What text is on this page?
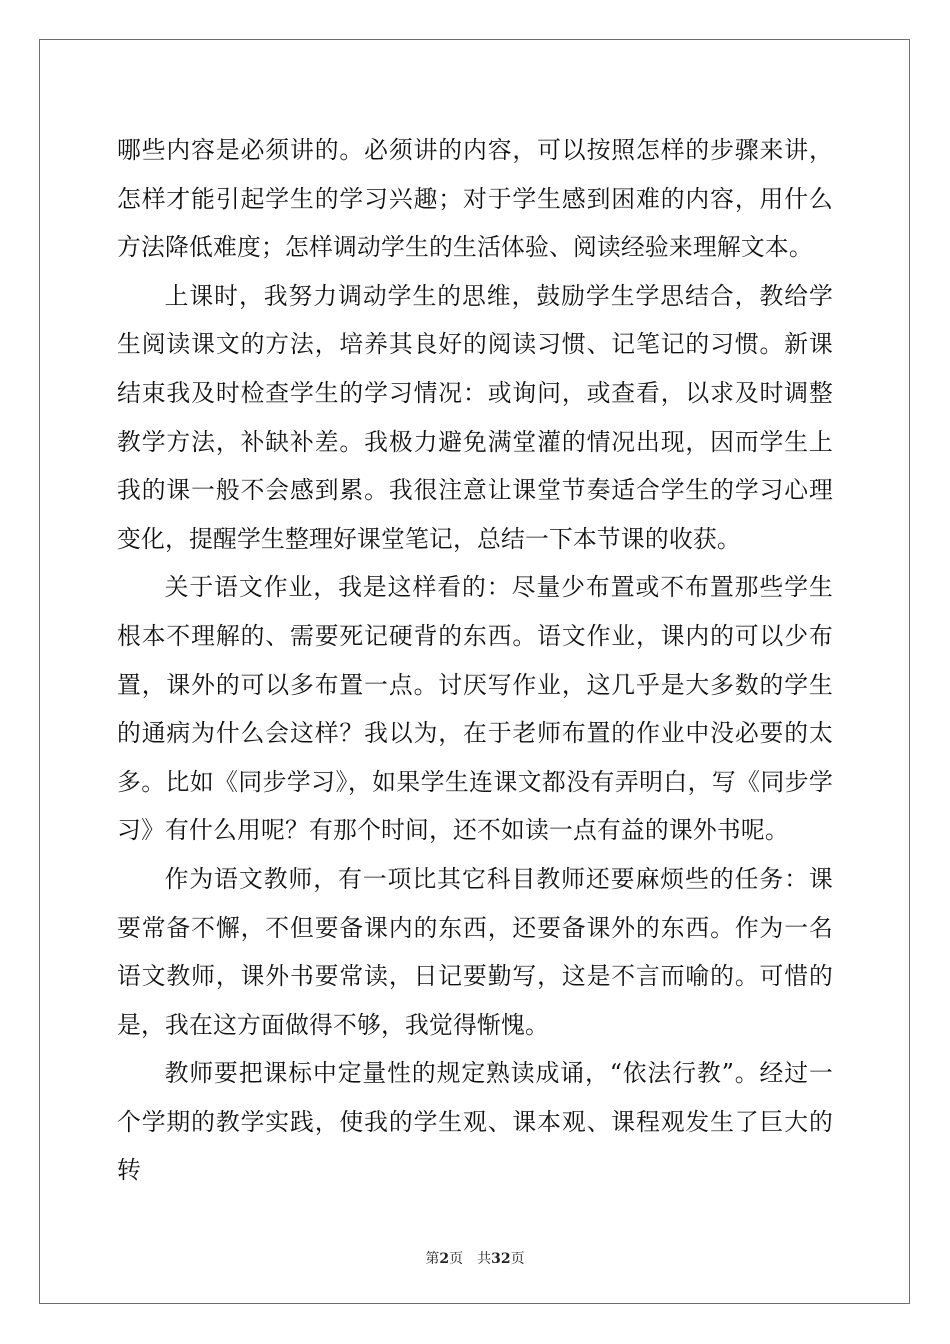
哪些内容是必须讲的。必须讲的内容，可以按照怎样的步骤来讲，怎样才能引起学生的学习兴趣；对于学生感到困难的内容，用什么方法降低难度；怎样调动学生的生活体验、阅读经验来理解文本。

上课时，我努力调动学生的思维，鼓励学生学思结合，教给学生阅读课文的方法，培养其良好的阅读习惯、记笔记的习惯。新课结束我及时检查学生的学习情况：或询问，或查看，以求及时调整教学方法，补缺补差。我极力避免满堂灌的情况出现，因而学生上我的课一般不会感到累。我很注意让课堂节奏适合学生的学习心理变化，提醒学生整理好课堂笔记，总结一下本节课的收获。

关于语文作业，我是这样看的：尽量少布置或不布置那些学生根本不理解的、需要死记硬背的东西。语文作业，课内的可以少布置，课外的可以多布置一点。讨厌写作业，这几乎是大多数的学生的通病为什么会这样？我以为，在于老师布置的作业中没必要的太多。比如《同步学习》，如果学生连课文都没有弄明白，写《同步学习》有什么用呢？有那个时间，还不如读一点有益的课外书呢。

作为语文教师，有一项比其它科目教师还要麻烦些的任务：课要常备不懈，不但要备课内的东西，还要备课外的东西。作为一名语文教师，课外书要常读，日记要勤写，这是不言而喻的。可惜的是，我在这方面做得不够，我觉得惭愧。

教师要把课标中定量性的规定熟读成诵，“依法行教”。经过一个学期的教学实践，使我的学生观、课本观、课程观发生了巨大的转

第2页 共32页
